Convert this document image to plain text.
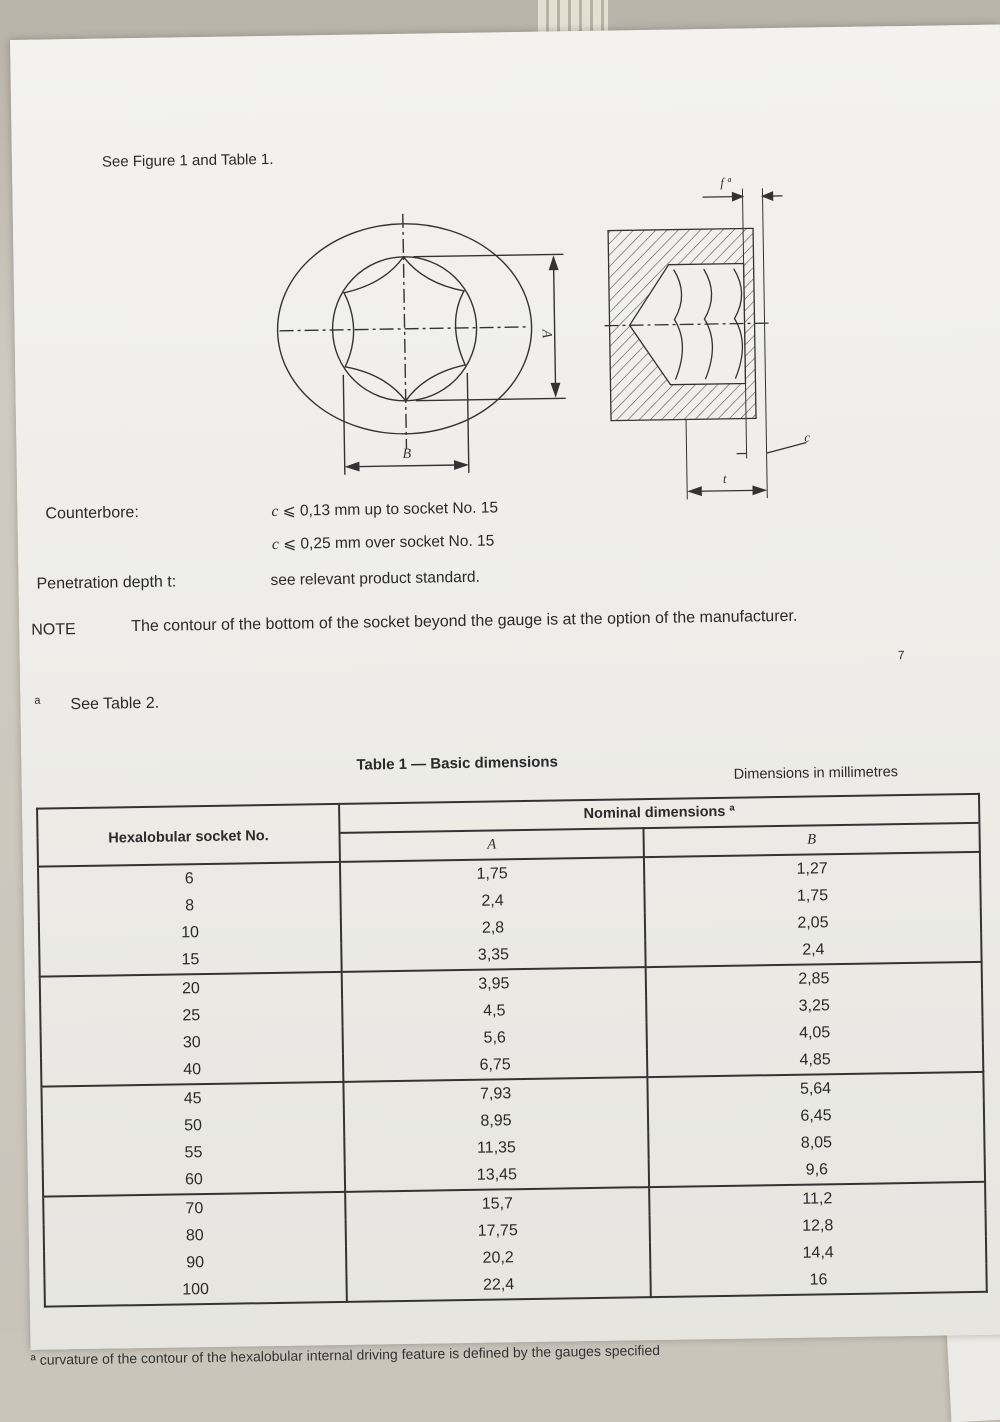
See Figure 1 and Table 1.
A
B
f ª
c
t
Counterbore:	c ⩽ 0,13 mm up to socket No. 15
c ⩽ 0,25 mm over socket No. 15
Penetration depth t:	see relevant product standard.
NOTE	The contour of the bottom of the socket beyond the gauge is at the option of the manufacturer.
7
a See Table 2.
Table 1 — Basic dimensions	Dimensions in millimetres
Hexalobular socket No.	Nominal dimensions ª	
	A	B
6	1,75	1,27
8	2,4	1,75
10	2,8	2,05
15	3,35	2,4
20	3,95	2,85
25	4,5	3,25
30	5,6	4,05
40	6,75	4,85
45	7,93	5,64
50	8,95	6,45
55	11,35	8,05
60	13,45	9,6
70	15,7	11,2
80	17,75	12,8
90	20,2	14,4
100	22,4	16
ª curvature of the contour of the hexalobular internal driving feature is defined by the gauges specified
